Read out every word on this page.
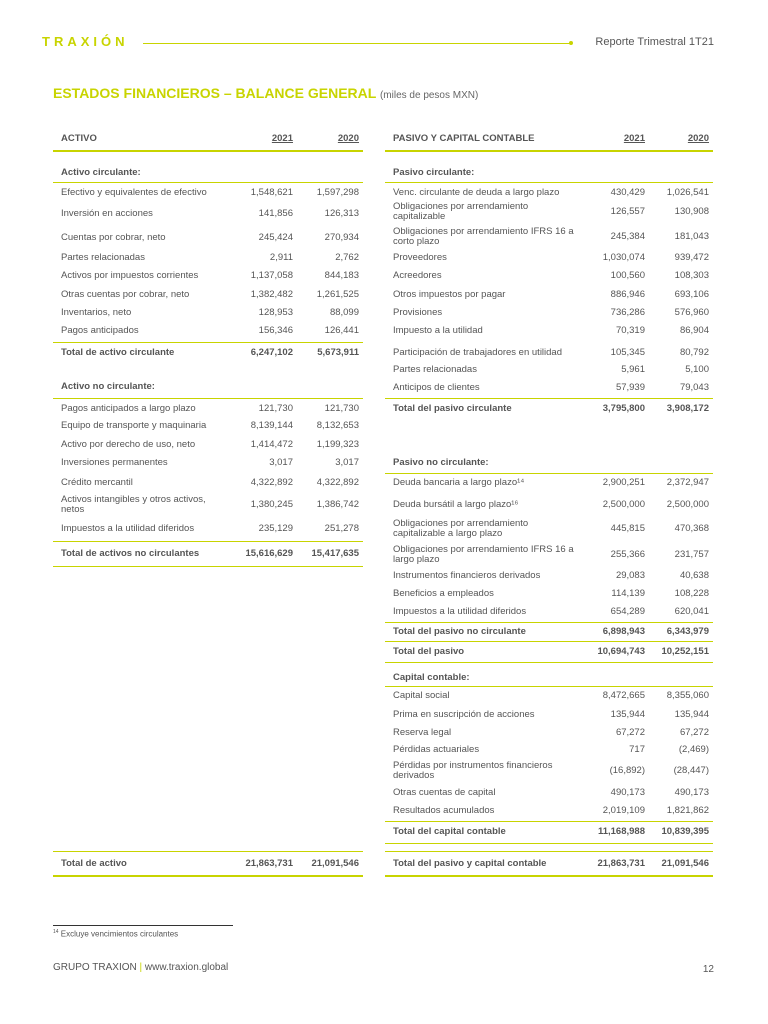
TRAXIÓN	Reporte Trimestral 1T21
ESTADOS FINANCIEROS – BALANCE GENERAL (miles de pesos MXN)
ACTIVO	2021	2020
Activo circulante:
Efectivo y equivalentes de efectivo	1,548,621	1,597,298
Inversión en acciones	141,856	126,313
Cuentas por cobrar, neto	245,424	270,934
Partes relacionadas	2,911	2,762
Activos por impuestos corrientes	1,137,058	844,183
Otras cuentas por cobrar, neto	1,382,482	1,261,525
Inventarios, neto	128,953	88,099
Pagos anticipados	156,346	126,441
Total de activo circulante	6,247,102	5,673,911
Activo no circulante:
Pagos anticipados a largo plazo	121,730	121,730
Equipo de transporte y maquinaria	8,139,144	8,132,653
Activo por derecho de uso, neto	1,414,472	1,199,323
Inversiones permanentes	3,017	3,017
Crédito mercantil	4,322,892	4,322,892
Activos intangibles y otros activos, netos	1,380,245	1,386,742
Impuestos a la utilidad diferidos	235,129	251,278
Total de activos no circulantes	15,616,629	15,417,635
Total de activo	21,863,731	21,091,546
PASIVO Y CAPITAL CONTABLE	2021	2020
Pasivo circulante:
Venc. circulante de deuda a largo plazo	430,429	1,026,541
Obligaciones por arrendamiento capitalizable	126,557	130,908
Obligaciones por arrendamiento IFRS 16 a corto plazo	245,384	181,043
Proveedores	1,030,074	939,472
Acreedores	100,560	108,303
Otros impuestos por pagar	886,946	693,106
Provisiones	736,286	576,960
Impuesto a la utilidad	70,319	86,904
Participación de trabajadores en utilidad	105,345	80,792
Partes relacionadas	5,961	5,100
Anticipos de clientes	57,939	79,043
Total del pasivo circulante	3,795,800	3,908,172
Pasivo no circulante:
Deuda bancaria a largo plazo¹⁴	2,900,251	2,372,947
Deuda bursátil a largo plazo¹⁶	2,500,000	2,500,000
Obligaciones por arrendamiento capitalizable a largo plazo	445,815	470,368
Obligaciones por arrendamiento IFRS 16 a largo plazo	255,366	231,757
Instrumentos financieros derivados	29,083	40,638
Beneficios a empleados	114,139	108,228
Impuestos a la utilidad diferidos	654,289	620,041
Total del pasivo no circulante	6,898,943	6,343,979
Total del pasivo	10,694,743	10,252,151
Capital contable:
Capital social	8,472,665	8,355,060
Prima en suscripción de acciones	135,944	135,944
Reserva legal	67,272	67,272
Pérdidas actuariales	717	(2,469)
Pérdidas por instrumentos financieros derivados	(16,892)	(28,447)
Otras cuentas de capital	490,173	490,173
Resultados acumulados	2,019,109	1,821,862
Total del capital contable	11,168,988	10,839,395
Total del pasivo y capital contable	21,863,731	21,091,546
$^{14}$ Excluye vencimientos circulantes
GRUPO TRAXION | www.traxion.global	12
